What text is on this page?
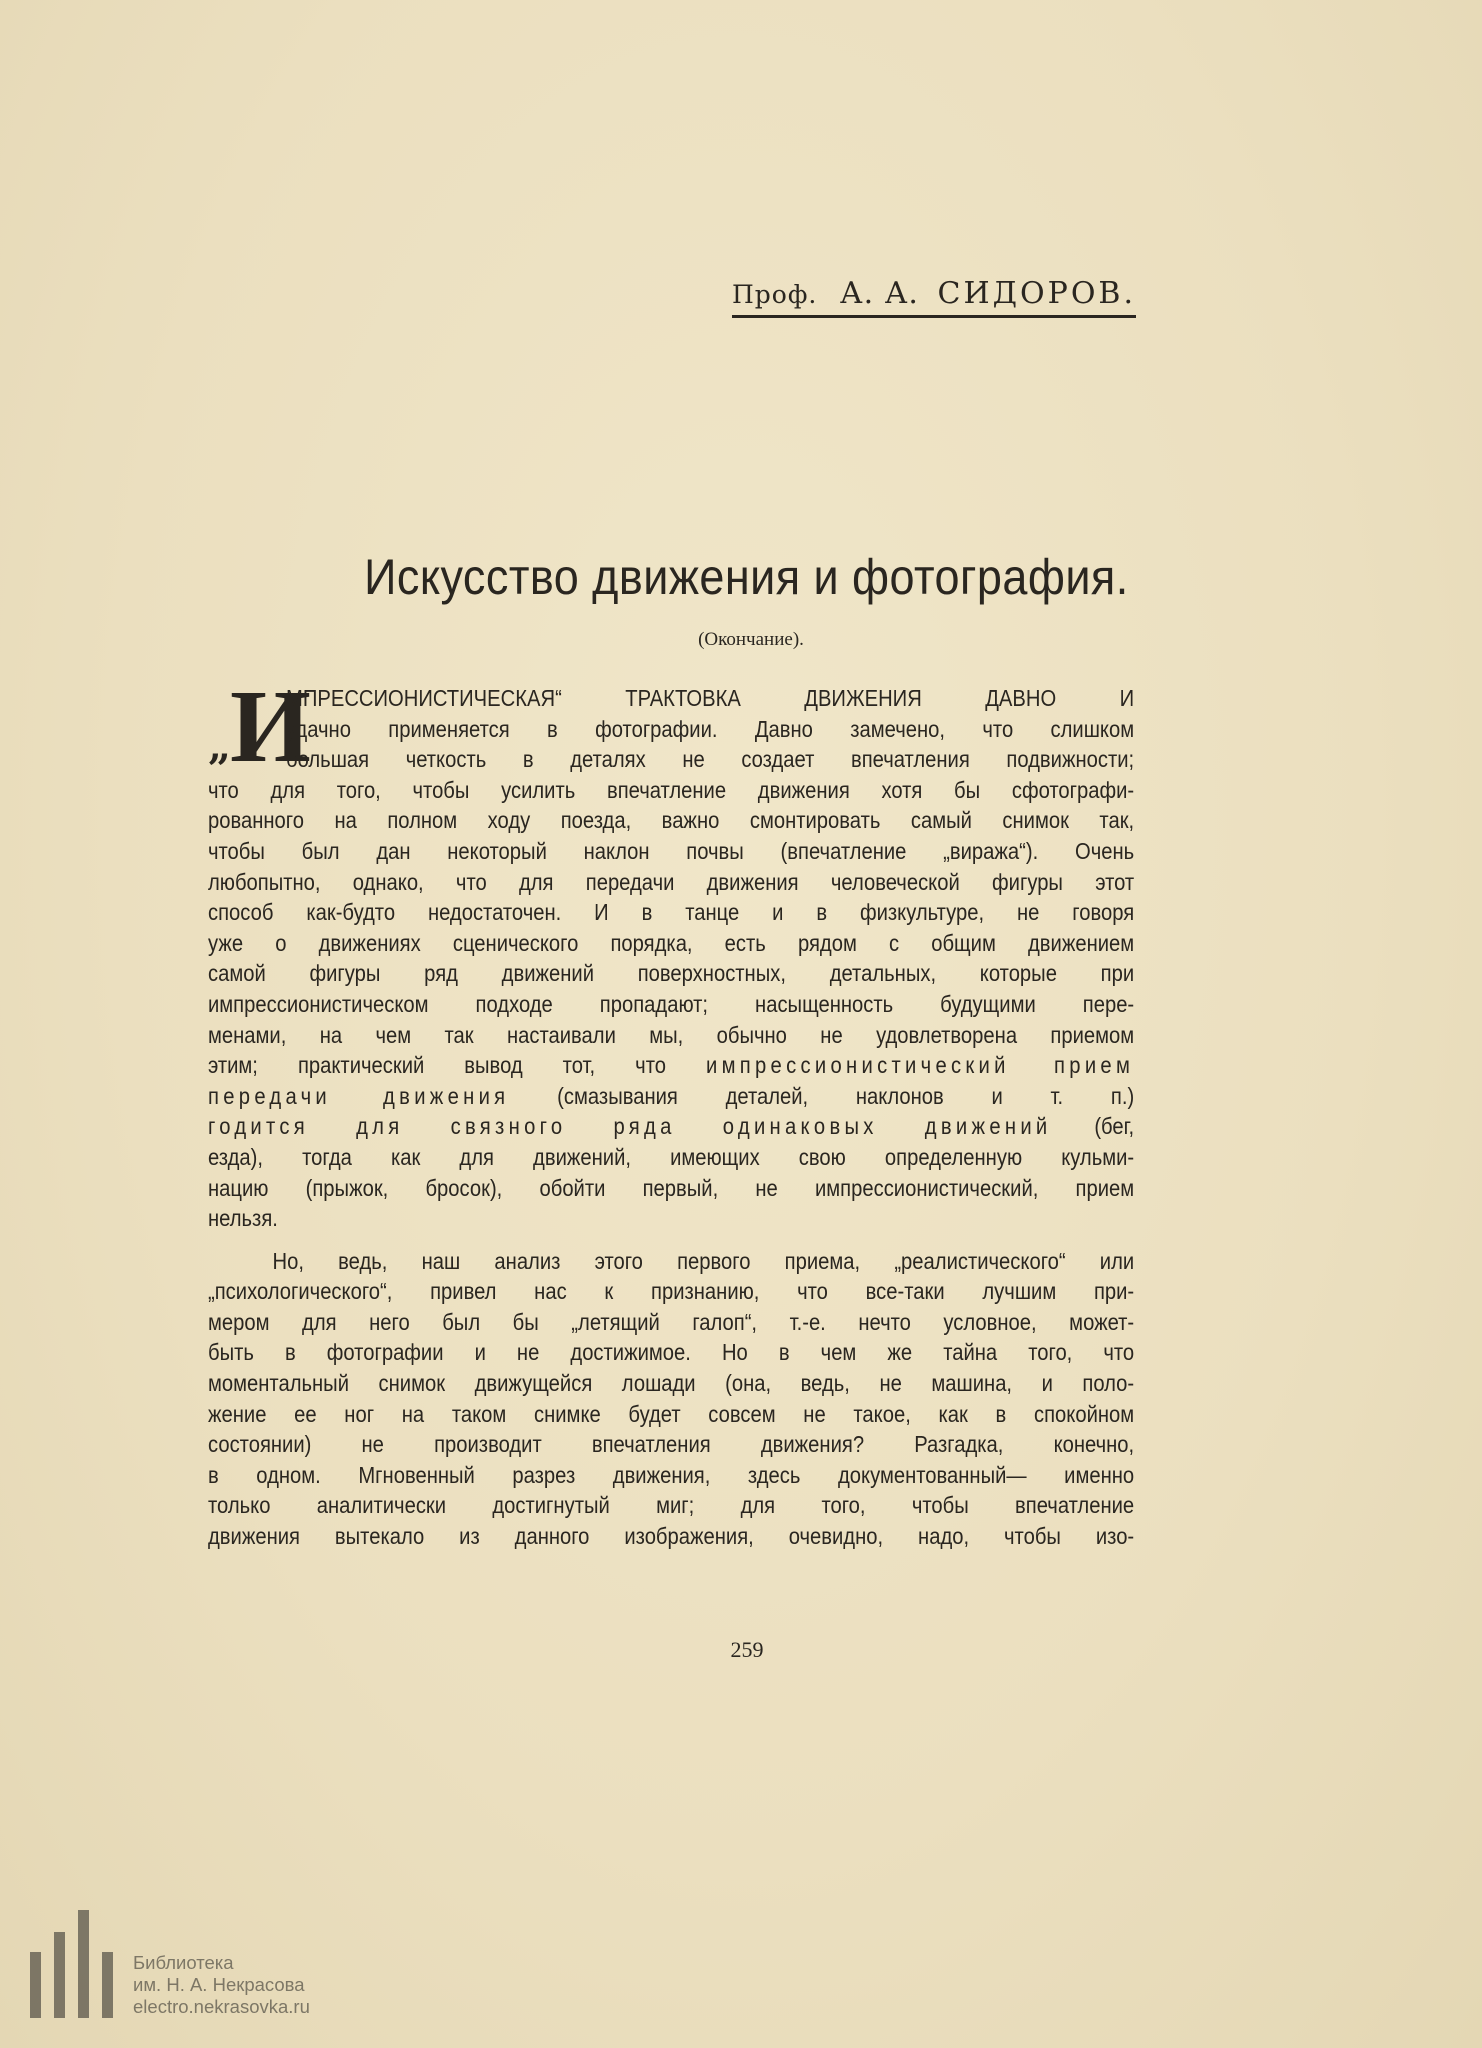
Проф. А. А. СИДОРОВ.
Искусство движения и фотография.
(Окончание).
„
И
МПРЕССИОНИСТИЧЕСКАЯ“ ТРАКТОВКА ДВИЖЕНИЯ ДАВНО И
удачно применяется в фотографии. Давно замечено, что слишком
большая четкость в деталях не создает впечатления подвижности;
что для того, чтобы усилить впечатление движения хотя бы сфотографи-
рованного на полном ходу поезда, важно смонтировать самый снимок так,
чтобы был дан некоторый наклон почвы (впечатление „виража“). Очень
любопытно, однако, что для передачи движения человеческой фигуры этот
способ как-будто недостаточен. И в танце и в физкультуре, не говоря
уже о движениях сценического порядка, есть рядом с общим движением
самой фигуры ряд движений поверхностных, детальных, которые при
импрессионистическом подходе пропадают; насыщенность будущими пере-
менами, на чем так настаивали мы, обычно не удовлетворена приемом
этим; практический вывод тот, что импрессионистический прием
передачи движения (смазывания деталей, наклонов и т. п.)
годится для связного ряда одинаковых движений (бег,
езда), тогда как для движений, имеющих свою определенную кульми-
нацию (прыжок, бросок), обойти первый, не импрессионистический, прием
нельзя.
Но, ведь, наш анализ этого первого приема, „реалистического“ или
„психологического“, привел нас к признанию, что все-таки лучшим при-
мером для него был бы „летящий галоп“, т.-е. нечто условное, может-
быть в фотографии и не достижимое. Но в чем же тайна того, что
моментальный снимок движущейся лошади (она, ведь, не машина, и поло-
жение ее ног на таком снимке будет совсем не такое, как в спокойном
состоянии) не производит впечатления движения? Разгадка, конечно,
в одном. Мгновенный разрез движения, здесь документованный— именно
только аналитически достигнутый миг; для того, чтобы впечатление
движения вытекало из данного изображения, очевидно, надо, чтобы изо-
259
Библиотека
им. Н. А. Некрасова
electro.nekrasovka.ru
